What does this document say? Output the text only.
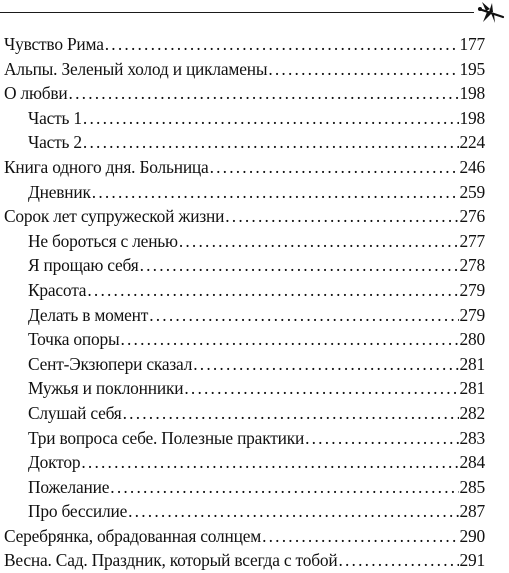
Чувство Рима .....	177
Альпы. Зеленый холод и цикламены .....	195
О любви .....	198
Часть 1 .....	198
Часть 2 .....	224
Книга одного дня. Больница .....	246
Дневник .....	259
Сорок лет супружеской жизни .....	276
Не бороться с ленью .....	277
Я прощаю себя .....	278
Красота .....	279
Делать в момент .....	279
Точка опоры .....	280
Сент-Экзюпери сказал .....	281
Мужья и поклонники .....	281
Слушай себя .....	282
Три вопроса себе. Полезные практики .....	283
Доктор .....	284
Пожелание .....	285
Про бессилие .....	287
Серебрянка, обрадованная солнцем .....	290
Весна. Сад. Праздник, который всегда с тобой .....	291
